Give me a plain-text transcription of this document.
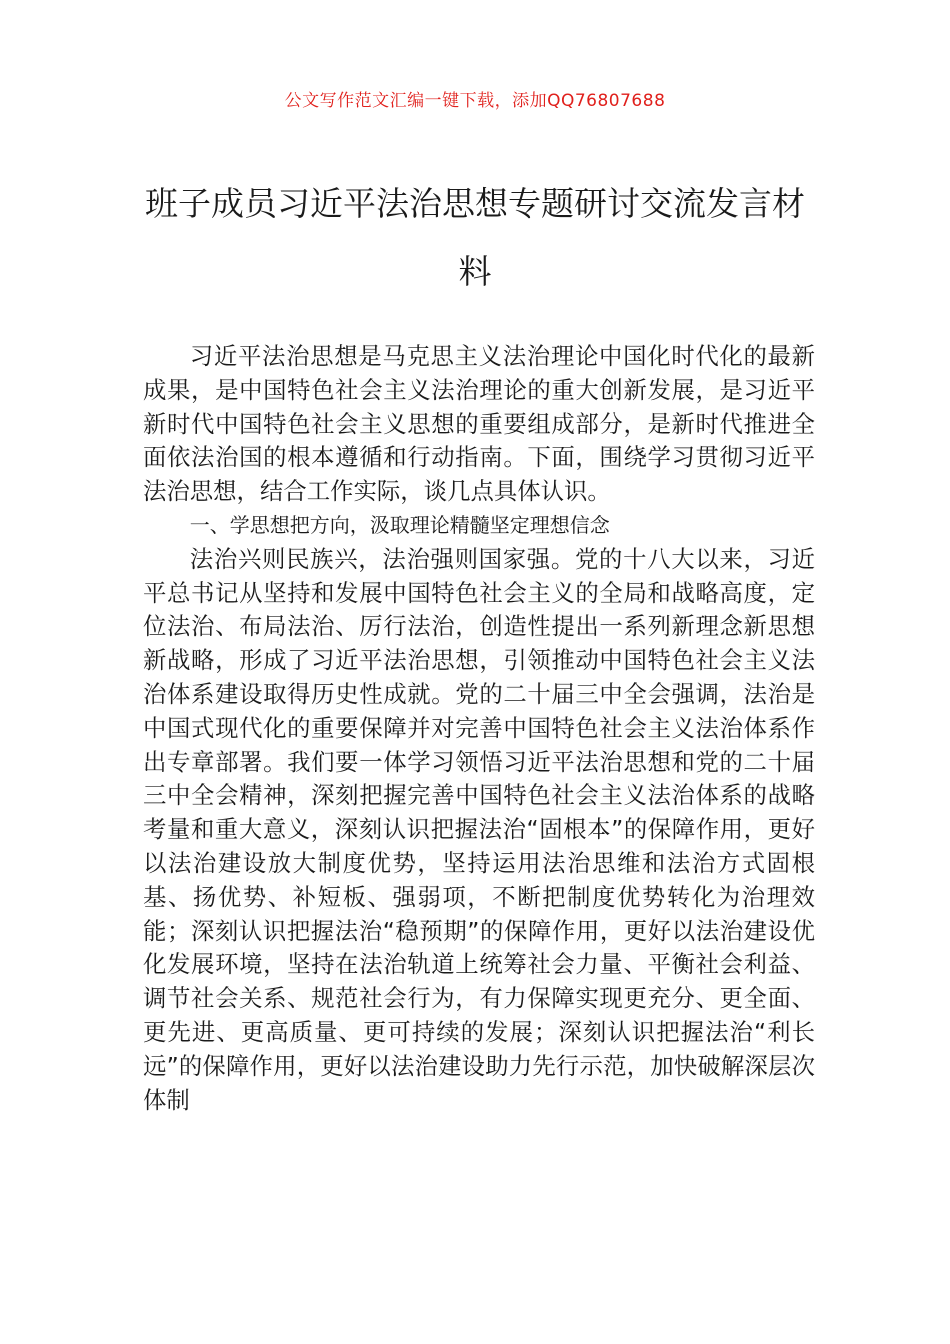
公文写作范文汇编一键下载，添加QQ76807688
班子成员习近平法治思想专题研讨交流发言材料

习近平法治思想是马克思主义法治理论中国化时代化的最新成果，是中国特色社会主义法治理论的重大创新发展，是习近平新时代中国特色社会主义思想的重要组成部分，是新时代推进全面依法治国的根本遵循和行动指南。下面，围绕学习贯彻习近平法治思想，结合工作实际，谈几点具体认识。

一、学思想把方向，汲取理论精髓坚定理想信念

法治兴则民族兴，法治强则国家强。党的十八大以来，习近平总书记从坚持和发展中国特色社会主义的全局和战略高度，定位法治、布局法治、厉行法治，创造性提出一系列新理念新思想新战略，形成了习近平法治思想，引领推动中国特色社会主义法治体系建设取得历史性成就。党的二十届三中全会强调，法治是中国式现代化的重要保障并对完善中国特色社会主义法治体系作出专章部署。我们要一体学习领悟习近平法治思想和党的二十届三中全会精神，深刻把握完善中国特色社会主义法治体系的战略考量和重大意义，深刻认识把握法治“固根本”的保障作用，更好以法治建设放大制度优势，坚持运用法治思维和法治方式固根基、扬优势、补短板、强弱项，不断把制度优势转化为治理效能；深刻认识把握法治“稳预期”的保障作用，更好以法治建设优化发展环境，坚持在法治轨道上统筹社会力量、平衡社会利益、调节社会关系、规范社会行为，有力保障实现更充分、更全面、更先进、更高质量、更可持续的发展；深刻认识把握法治“利长远”的保障作用，更好以法治建设助力先行示范，加快破解深层次体制
